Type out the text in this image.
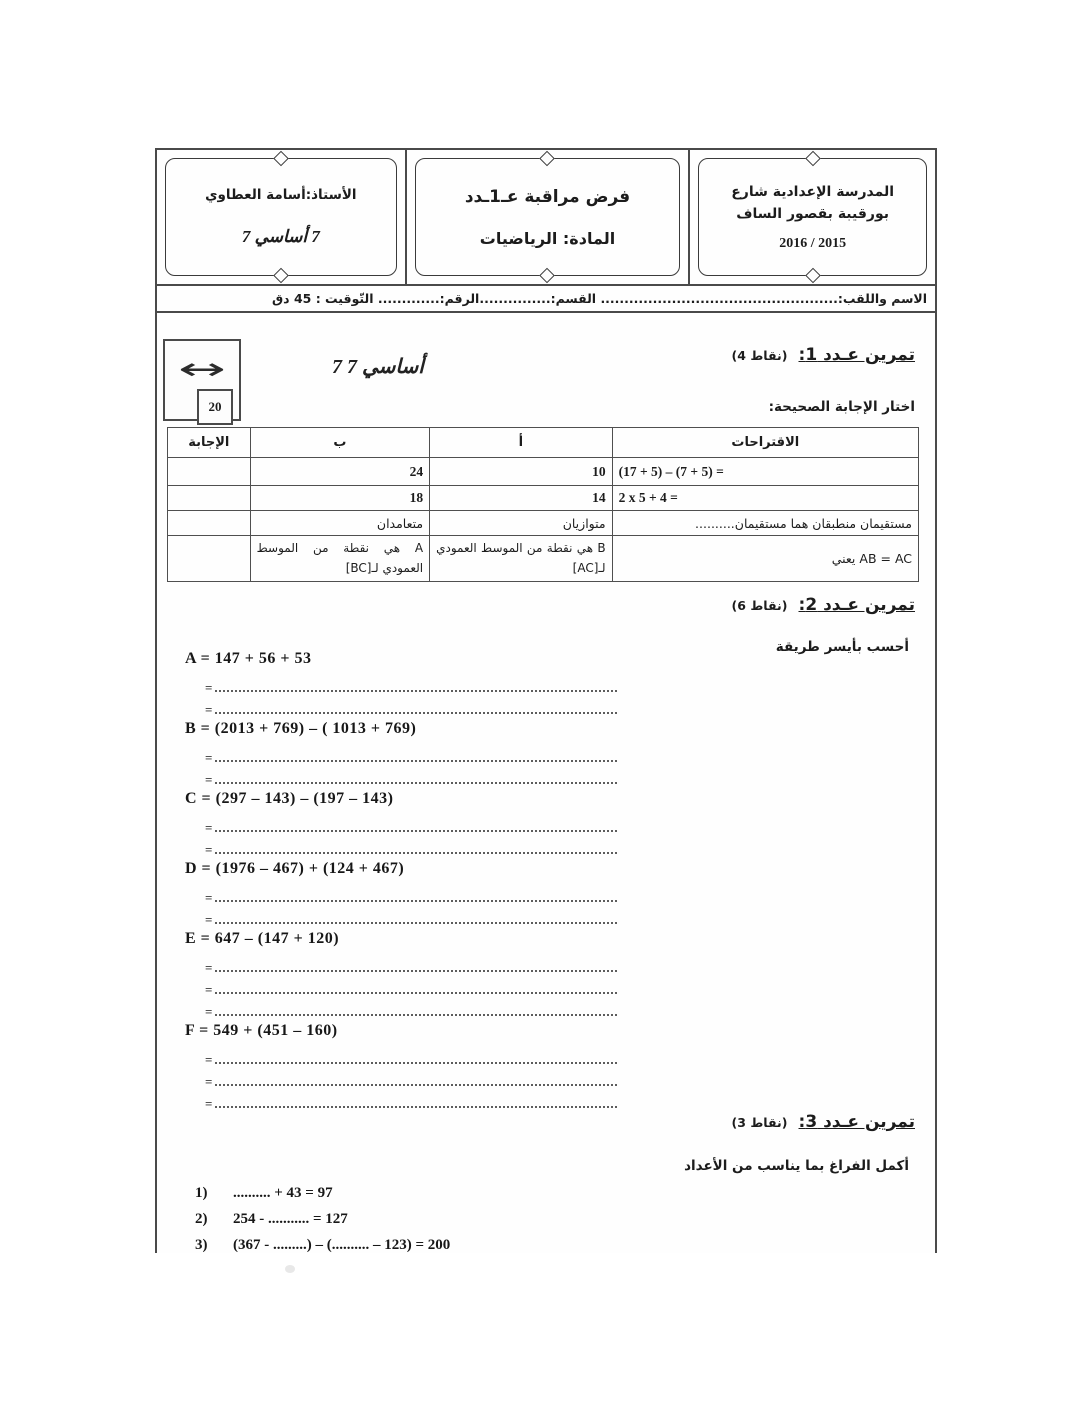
المدرسة الإعدادية شارع
بورقيبة بقصور الساف
2015 / 2016
فرض مراقبة عـ1ـدد
المادة: الرياضيات
الأستاذ:أسامة العطاوي
7 أساسي 7
الاسم واللقب:.................................................. القسم:...............الرقم:............. التّوقيت : 45 دق
↔
20
7 أساسي 7
تمرين عـدد 1: (4 نقاط)
اختار الإجابة الصحيحة:
الاقتراحات	أ	ب	الإجابة
(17 + 5) – (7 + 5) =	10	24	
2 x 5 + 4 =	14	18	
مستقيمان منطبقان هما مستقيمان..........	متوازيان	متعامدان	
AB = AC يعني	B هي نقطة من الموسط العمودي لـ[AC]	A هي نقطة من الموسط العمودي لـ[BC]	
تمرين عـدد 2: (6 نقاط)
أحسب بأيسر طريقة
A = 147 + 56 + 53
=
=
B = (2013 + 769) – ( 1013 + 769)
=
=
C = (297 – 143) – (197 – 143)
=
=
D = (1976 – 467) + (124 + 467)
=
=
E = 647 – (147 + 120)
=
=
=
F = 549 + (451 – 160)
=
=
=
تمرين عـدد 3: (3 نقاط)
أكمل الفراغ بما يناسب من الأعداد
1)	.......... + 43 = 97
2)	254 - ........... = 127
3)	(367 - .........) – (.......... – 123) = 200
